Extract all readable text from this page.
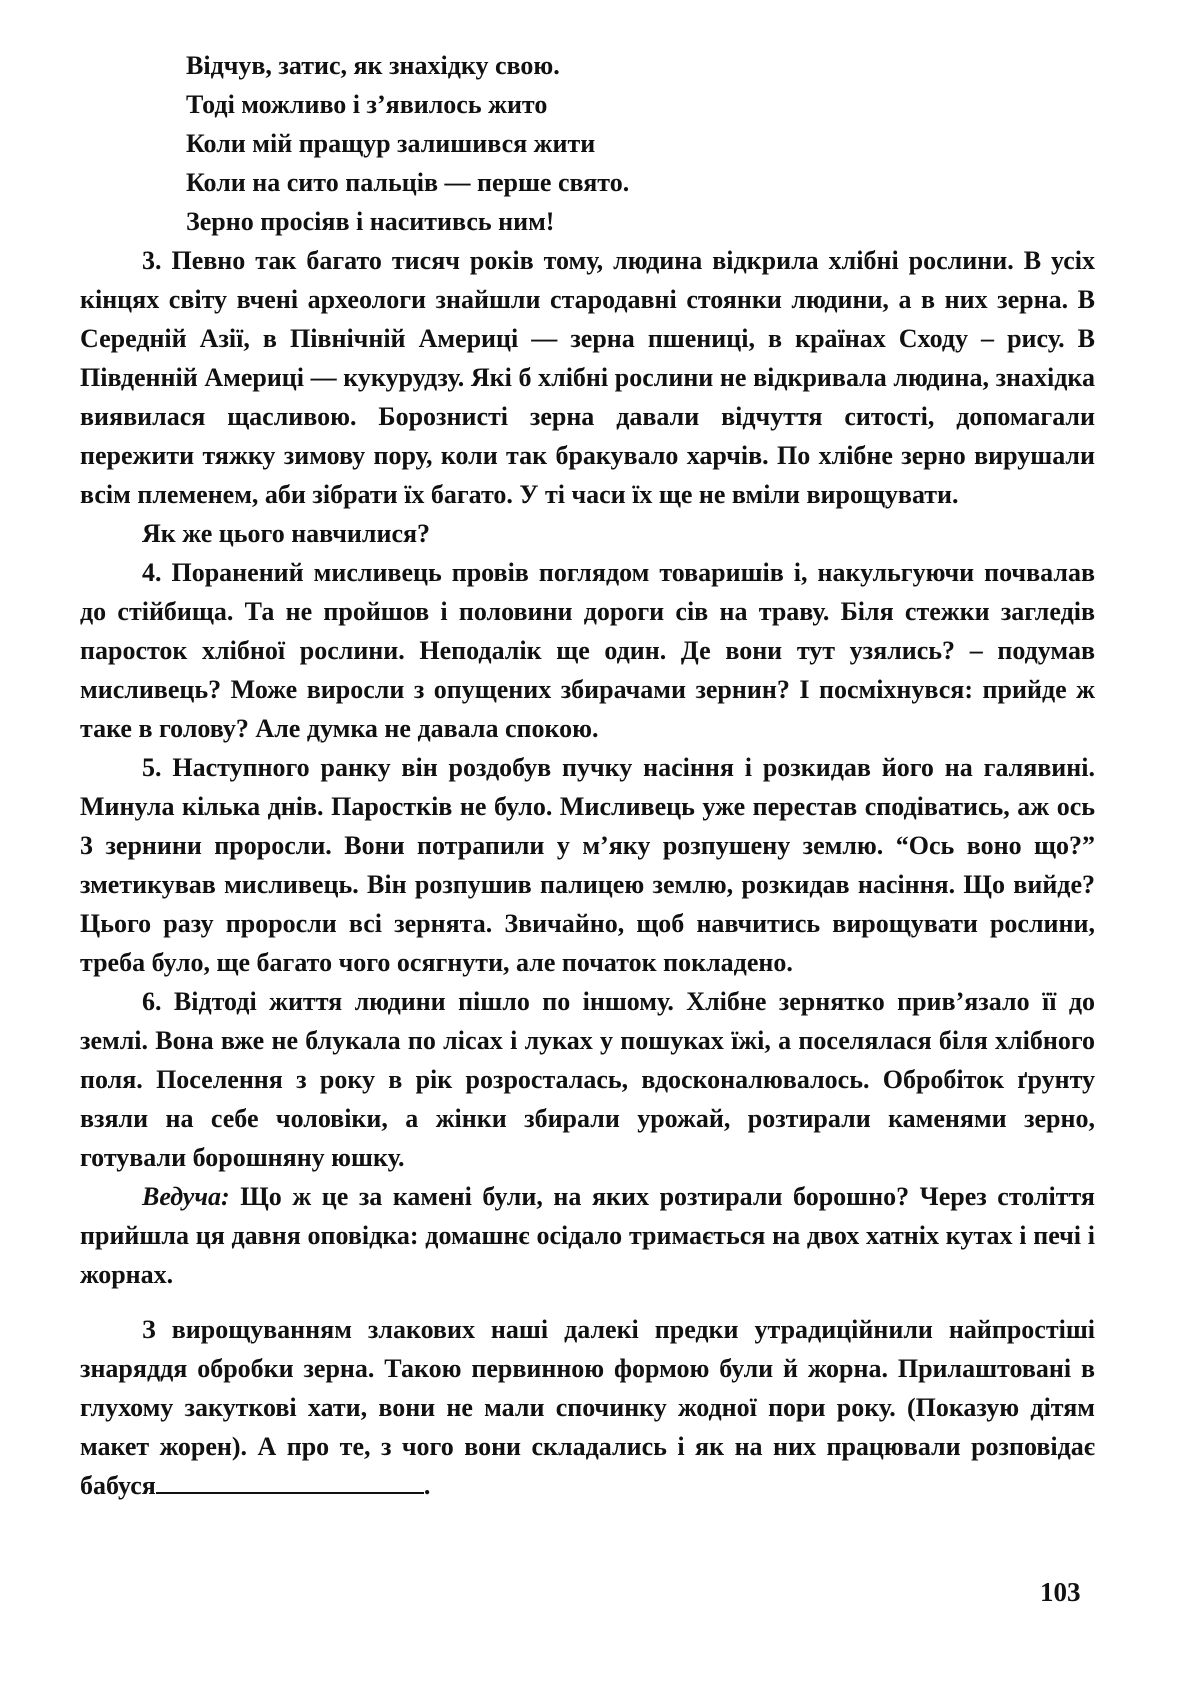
Відчув, затис, як знахідку свою.
Тоді можливо і з’явилось жито
Коли мій пращур залишився жити
Коли на сито пальців — перше свято.
Зерно просіяв і наситивсь ним!

3. Певно так багато тисяч років тому, людина відкрила хлібні рослини. В усіх кінцях світу вчені археологи знайшли стародавні стоянки людини, а в них зерна. В Середній Азії, в Північній Америці — зерна пшениці, в країнах Сходу – рису. В Південній Америці — кукурудзу. Які б хлібні рослини не відкривала людина, знахідка виявилася щасливою. Борознисті зерна давали відчуття ситості, допомагали пережити тяжку зимову пору, коли так бракувало харчів. По хлібне зерно вирушали всім племенем, аби зібрати їх багато. У ті часи їх ще не вміли вирощувати.

Як же цього навчилися?

4. Поранений мисливець провів поглядом товаришів і, накульгуючи почвалав до стійбища. Та не пройшов і половини дороги сів на траву. Біля стежки загледів паросток хлібної рослини. Неподалік ще один. Де вони тут узялись? – подумав мисливець? Може виросли з опущених збирачами зернин? І посміхнувся: прийде ж таке в голову? Але думка не давала спокою.

5. Наступного ранку він роздобув пучку насіння і розкидав його на галявині. Минула кілька днів. Паростків не було. Мисливець уже перестав сподіватись, аж ось 3 зернини проросли. Вони потрапили у м’яку розпушену землю. “Ось воно що?” зметикував мисливець. Він розпушив палицею землю, розкидав насіння. Що вийде? Цього разу проросли всі зернята. Звичайно, щоб навчитись вирощувати рослини, треба було, ще багато чого осягнути, але початок покладено.

6. Відтоді життя людини пішло по іншому. Хлібне зернятко прив’язало її до землі. Вона вже не блукала по лісах і луках у пошуках їжі, а поселялася біля хлібного поля. Поселення з року в рік розросталась, вдосконалювалось. Обробіток ґрунту взяли на себе чоловіки, а жінки збирали урожай, розтирали каменями зерно, готували борошняну юшку.

Ведуча: Що ж це за камені були, на яких розтирали борошно? Через століття прийшла ця давня оповідка: домашнє осідало тримається на двох хатніх кутах і печі і жорнах.

З вирощуванням злакових наші далекі предки утрадиційнили найпростіші знаряддя обробки зерна. Такою первинною формою були й жорна. Прилаштовані в глухому закуткові хати, вони не мали спочинку жодної пори року. (Показую дітям макет жорен). А про те, з чого вони складались і як на них працювали розповідає бабуся	.

103
